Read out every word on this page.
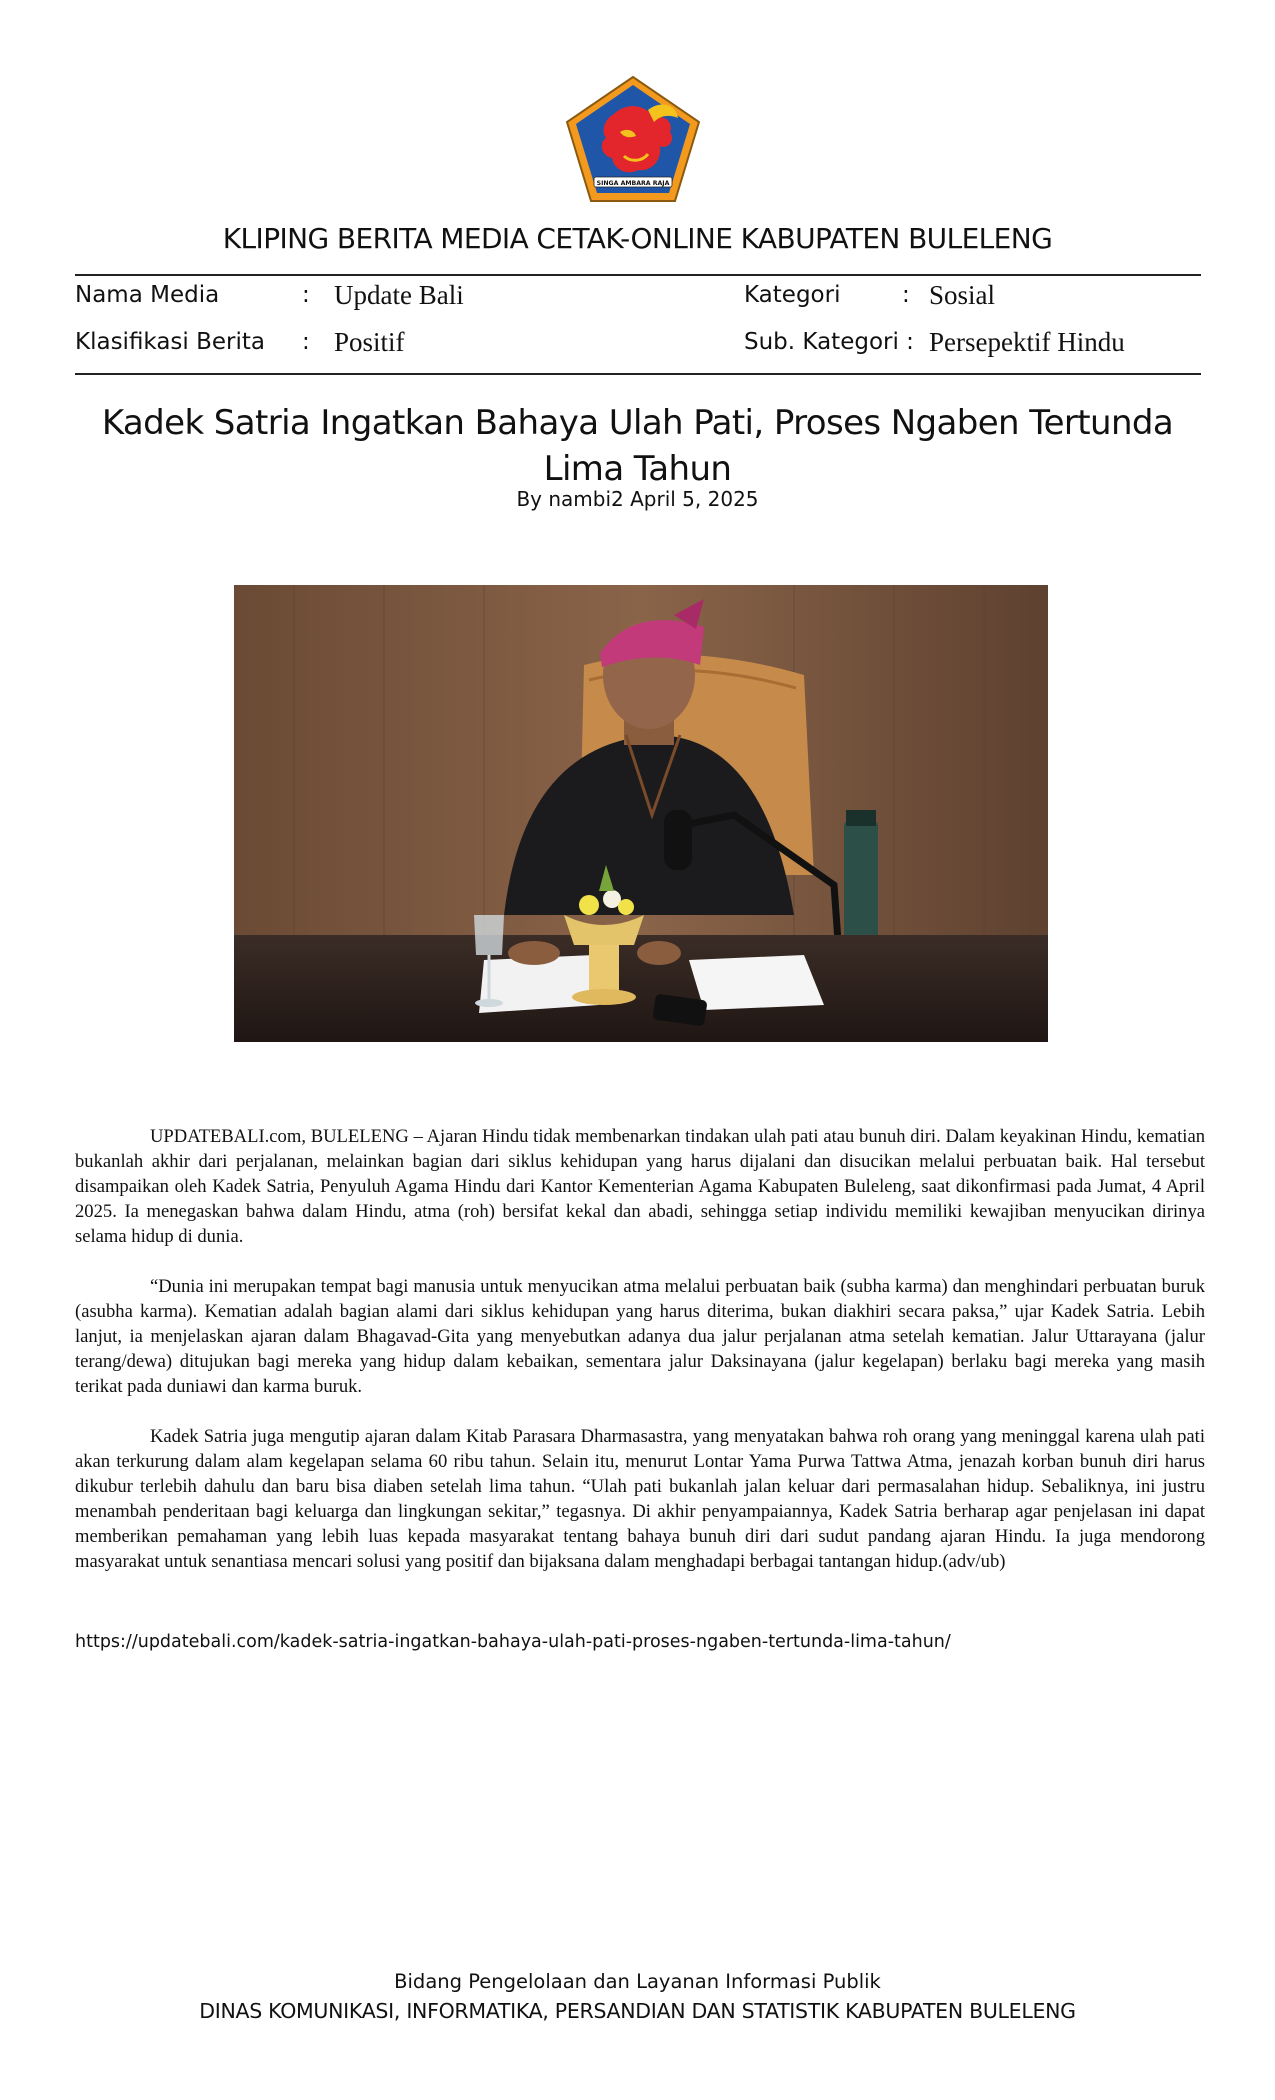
SINGA AMBARA RAJA
KLIPING BERITA MEDIA CETAK-ONLINE KABUPATEN BULELENG
Nama Media	: Update Bali	Kategori	: Sosial
Klasifikasi Berita : Positif	Sub. Kategori : Persepektif Hindu
Kadek Satria Ingatkan Bahaya Ulah Pati, Proses Ngaben Tertunda Lima Tahun
By nambi2 April 5, 2025

UPDATEBALI.com, BULELENG – Ajaran Hindu tidak membenarkan tindakan ulah pati atau bunuh diri. Dalam keyakinan Hindu, kematian bukanlah akhir dari perjalanan, melainkan bagian dari siklus kehidupan yang harus dijalani dan disucikan melalui perbuatan baik. Hal tersebut disampaikan oleh Kadek Satria, Penyuluh Agama Hindu dari Kantor Kementerian Agama Kabupaten Buleleng, saat dikonfirmasi pada Jumat, 4 April 2025. Ia menegaskan bahwa dalam Hindu, atma (roh) bersifat kekal dan abadi, sehingga setiap individu memiliki kewajiban menyucikan dirinya selama hidup di dunia.

“Dunia ini merupakan tempat bagi manusia untuk menyucikan atma melalui perbuatan baik (subha karma) dan menghindari perbuatan buruk (asubha karma). Kematian adalah bagian alami dari siklus kehidupan yang harus diterima, bukan diakhiri secara paksa,” ujar Kadek Satria. Lebih lanjut, ia menjelaskan ajaran dalam Bhagavad-Gita yang menyebutkan adanya dua jalur perjalanan atma setelah kematian. Jalur Uttarayana (jalur terang/dewa) ditujukan bagi mereka yang hidup dalam kebaikan, sementara jalur Daksinayana (jalur kegelapan) berlaku bagi mereka yang masih terikat pada duniawi dan karma buruk.

Kadek Satria juga mengutip ajaran dalam Kitab Parasara Dharmasastra, yang menyatakan bahwa roh orang yang meninggal karena ulah pati akan terkurung dalam alam kegelapan selama 60 ribu tahun. Selain itu, menurut Lontar Yama Purwa Tattwa Atma, jenazah korban bunuh diri harus dikubur terlebih dahulu dan baru bisa diaben setelah lima tahun. “Ulah pati bukanlah jalan keluar dari permasalahan hidup. Sebaliknya, ini justru menambah penderitaan bagi keluarga dan lingkungan sekitar,” tegasnya. Di akhir penyampaiannya, Kadek Satria berharap agar penjelasan ini dapat memberikan pemahaman yang lebih luas kepada masyarakat tentang bahaya bunuh diri dari sudut pandang ajaran Hindu. Ia juga mendorong masyarakat untuk senantiasa mencari solusi yang positif dan bijaksana dalam menghadapi berbagai tantangan hidup.(adv/ub)

https://updatebali.com/kadek-satria-ingatkan-bahaya-ulah-pati-proses-ngaben-tertunda-lima-tahun/
Bidang Pengelolaan dan Layanan Informasi Publik
DINAS KOMUNIKASI, INFORMATIKA, PERSANDIAN DAN STATISTIK KABUPATEN BULELENG
